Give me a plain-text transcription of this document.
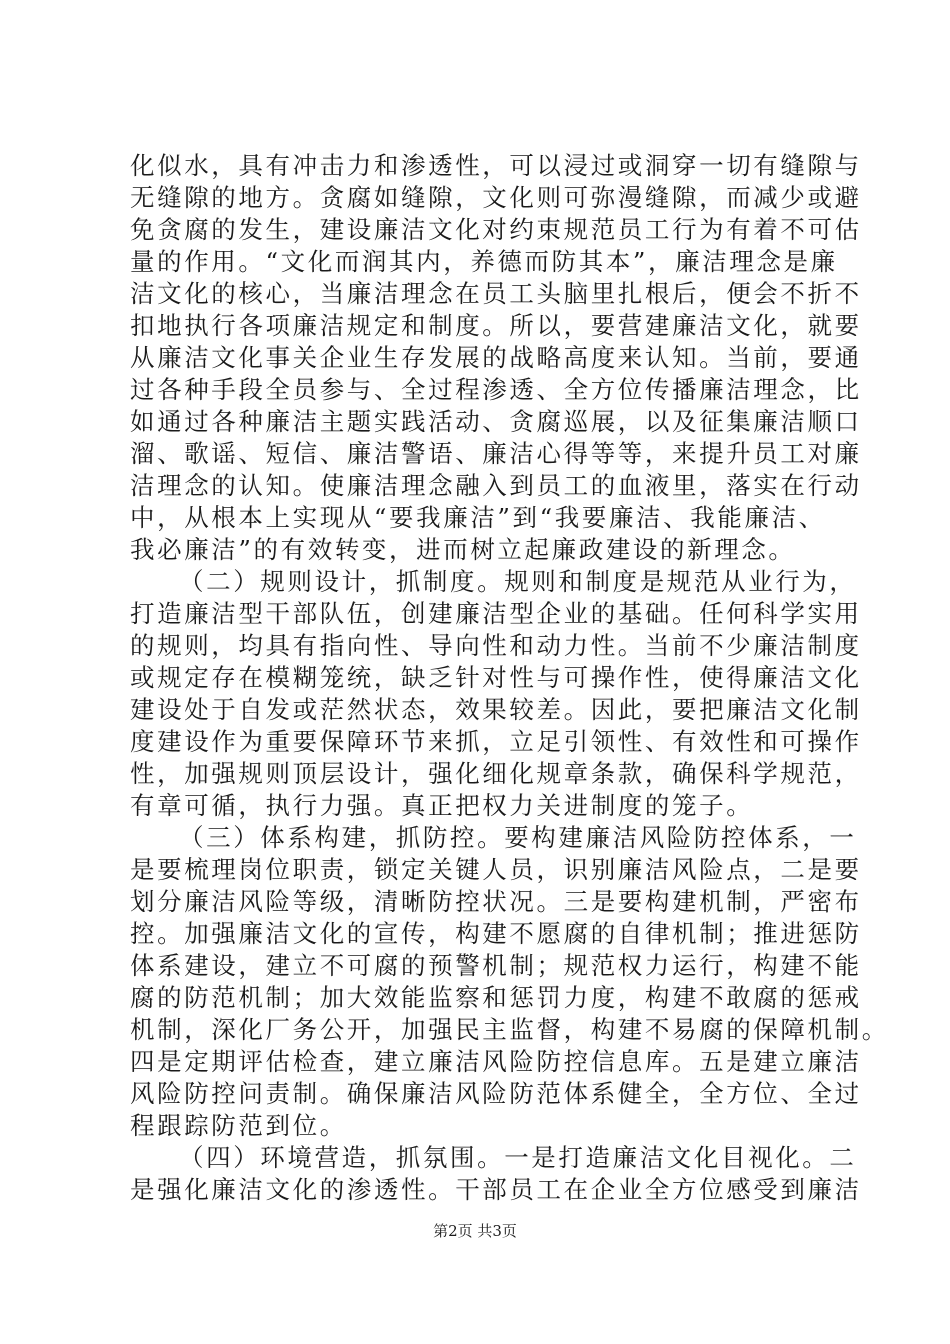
化似水，具有冲击力和渗透性，可以浸过或洞穿一切有缝隙与
无缝隙的地方。贪腐如缝隙，文化则可弥漫缝隙，而减少或避
免贪腐的发生，建设廉洁文化对约束规范员工行为有着不可估
量的作用。“文化而润其内，养德而防其本”，廉洁理念是廉
洁文化的核心，当廉洁理念在员工头脑里扎根后，便会不折不
扣地执行各项廉洁规定和制度。所以，要营建廉洁文化，就要
从廉洁文化事关企业生存发展的战略高度来认知。当前，要通
过各种手段全员参与、全过程渗透、全方位传播廉洁理念，比
如通过各种廉洁主题实践活动、贪腐巡展，以及征集廉洁顺口
溜、歌谣、短信、廉洁警语、廉洁心得等等，来提升员工对廉
洁理念的认知。使廉洁理念融入到员工的血液里，落实在行动
中，从根本上实现从“要我廉洁”到“我要廉洁、我能廉洁、
我必廉洁”的有效转变，进而树立起廉政建设的新理念。
（二）规则设计，抓制度。规则和制度是规范从业行为，
打造廉洁型干部队伍，创建廉洁型企业的基础。任何科学实用
的规则，均具有指向性、导向性和动力性。当前不少廉洁制度
或规定存在模糊笼统，缺乏针对性与可操作性，使得廉洁文化
建设处于自发或茫然状态，效果较差。因此，要把廉洁文化制
度建设作为重要保障环节来抓，立足引领性、有效性和可操作
性，加强规则顶层设计，强化细化规章条款，确保科学规范，
有章可循，执行力强。真正把权力关进制度的笼子。
（三）体系构建，抓防控。要构建廉洁风险防控体系，一
是要梳理岗位职责，锁定关键人员，识别廉洁风险点，二是要
划分廉洁风险等级，清晰防控状况。三是要构建机制，严密布
控。加强廉洁文化的宣传，构建不愿腐的自律机制；推进惩防
体系建设，建立不可腐的预警机制；规范权力运行，构建不能
腐的防范机制；加大效能监察和惩罚力度，构建不敢腐的惩戒
机制，深化厂务公开，加强民主监督，构建不易腐的保障机制。
四是定期评估检查，建立廉洁风险防控信息库。五是建立廉洁
风险防控问责制。确保廉洁风险防范体系健全，全方位、全过
程跟踪防范到位。
（四）环境营造，抓氛围。一是打造廉洁文化目视化。二
是强化廉洁文化的渗透性。干部员工在企业全方位感受到廉洁
第2页 共3页
